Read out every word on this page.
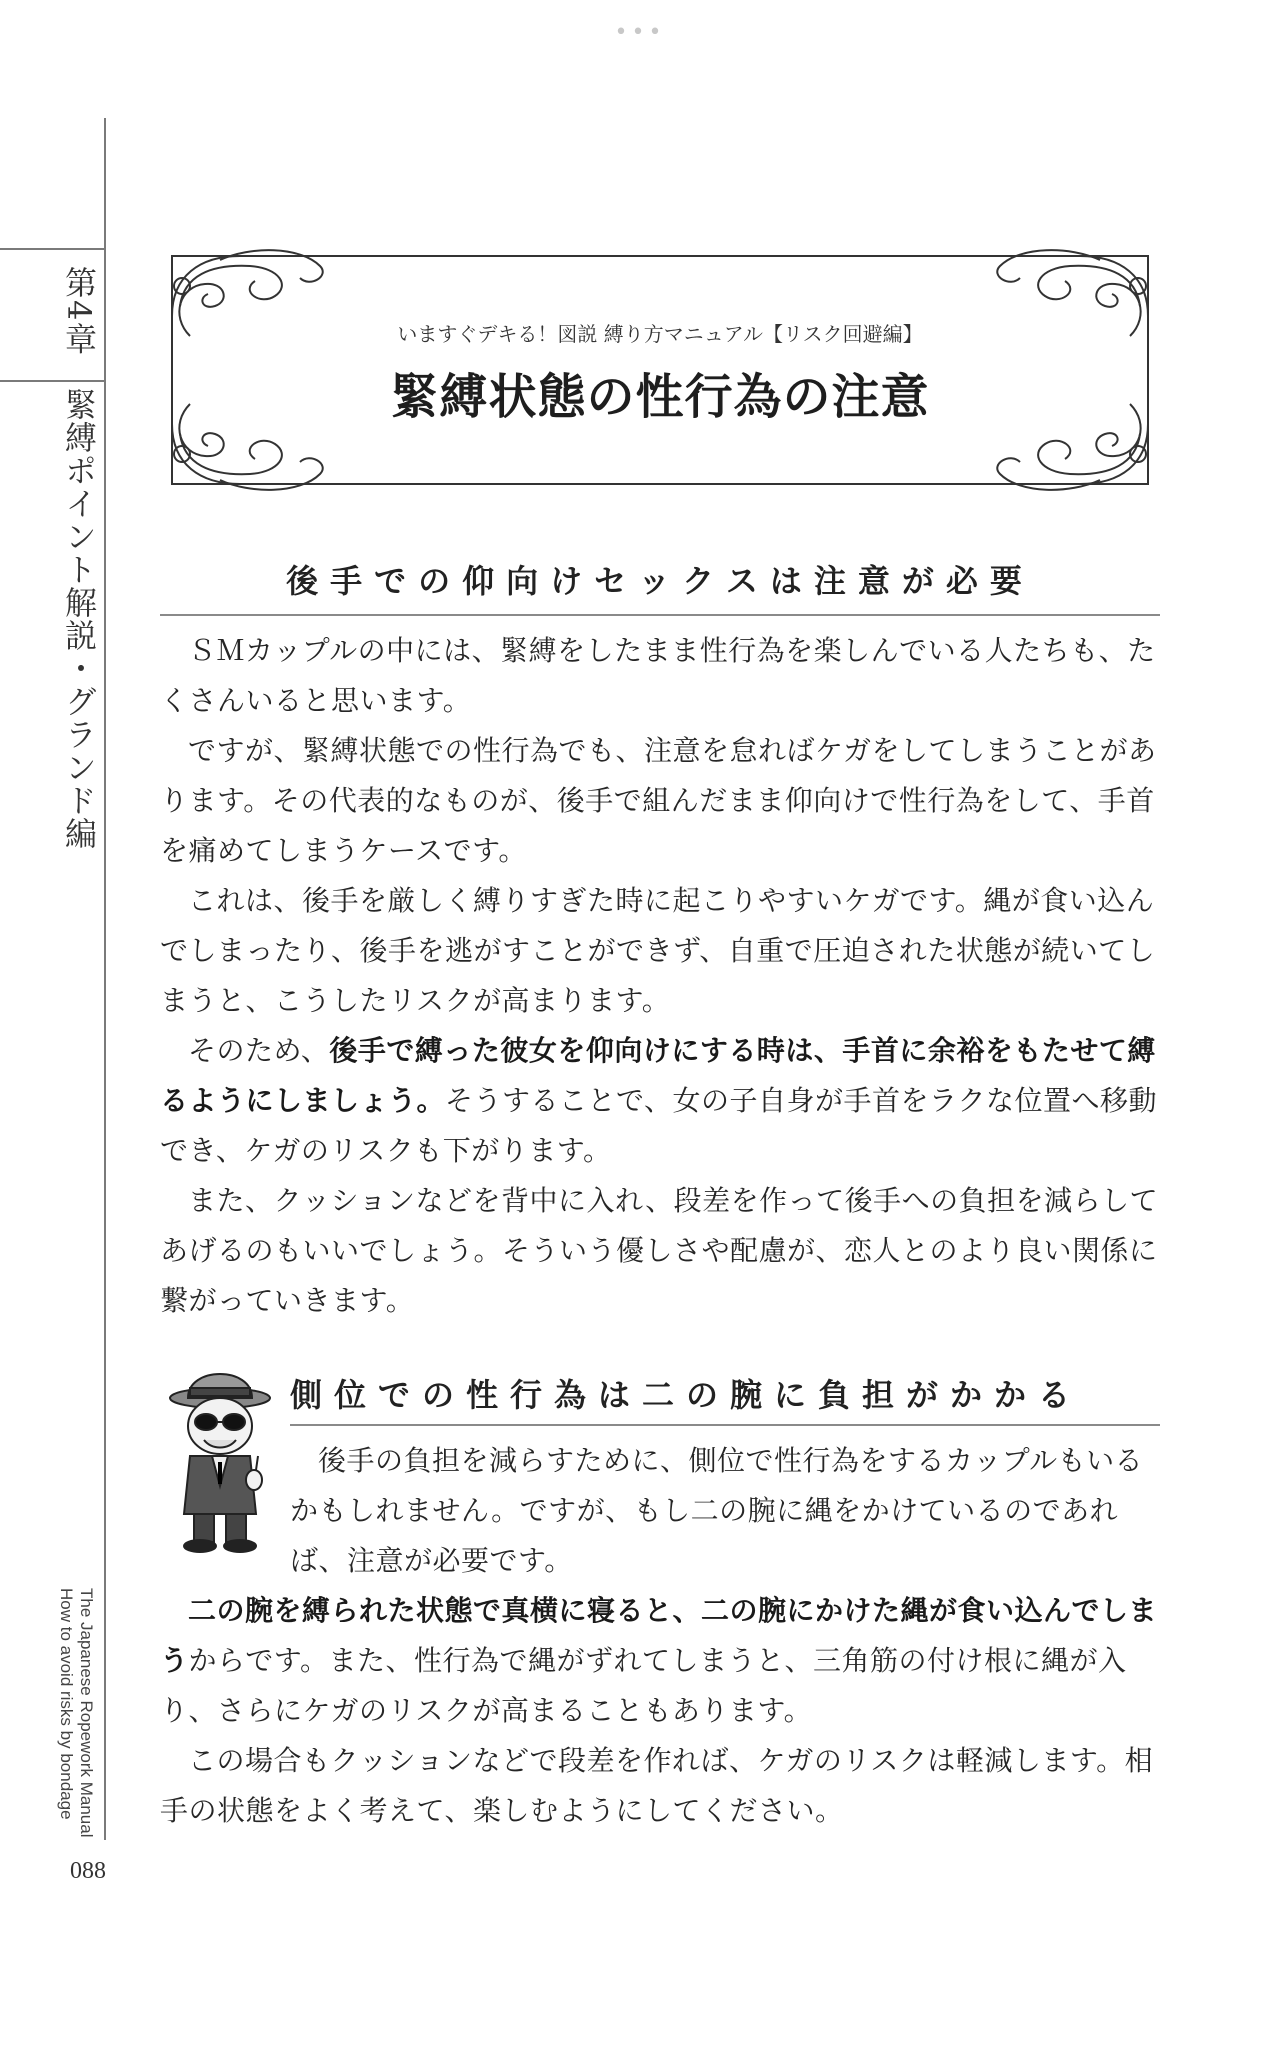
•••
第4章
緊縛ポイント解説・グランド編
The Japanese Ropework Manual
How to avoid risks by bondage
088
いますぐデキる！図説 縛り方マニュアル【リスク回避編】
緊縛状態の性行為の注意
後手での仰向けセックスは注意が必要

ＳＭカップルの中には、緊縛をしたまま性行為を楽しんでいる人たちも、たくさんいると思います。

ですが、緊縛状態での性行為でも、注意を怠ればケガをしてしまうことがあります。その代表的なものが、後手で組んだまま仰向けで性行為をして、手首を痛めてしまうケースです。

これは、後手を厳しく縛りすぎた時に起こりやすいケガです。縄が食い込んでしまったり、後手を逃がすことができず、自重で圧迫された状態が続いてしまうと、こうしたリスクが高まります。

そのため、後手で縛った彼女を仰向けにする時は、手首に余裕をもたせて縛るようにしましょう。そうすることで、女の子自身が手首をラクな位置へ移動でき、ケガのリスクも下がります。

また、クッションなどを背中に入れ、段差を作って後手への負担を減らしてあげるのもいいでしょう。そういう優しさや配慮が、恋人とのより良い関係に繋がっていきます。

側位での性行為は二の腕に負担がかかる

後手の負担を減らすために、側位で性行為をするカップルもいるかもしれません。ですが、もし二の腕に縄をかけているのであれば、注意が必要です。

二の腕を縛られた状態で真横に寝ると、二の腕にかけた縄が食い込んでしまうからです。また、性行為で縄がずれてしまうと、三角筋の付け根に縄が入り、さらにケガのリスクが高まることもあります。

この場合もクッションなどで段差を作れば、ケガのリスクは軽減します。相手の状態をよく考えて、楽しむようにしてください。
